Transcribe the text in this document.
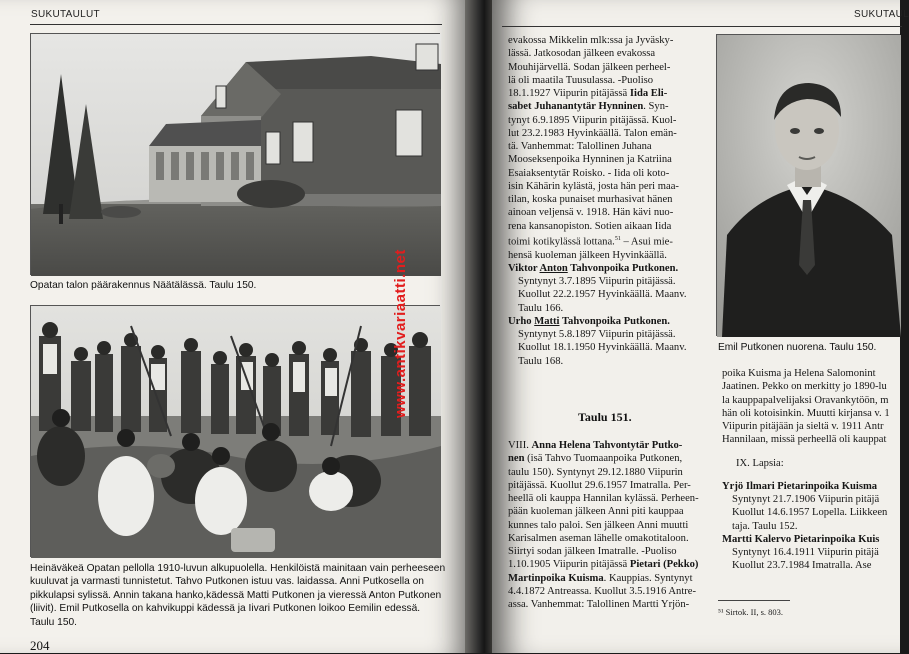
SUKUTAULUT
Opatan talon päärakennus Näätälässä. Taulu 150.
Heinäväkeä Opatan pellolla 1910-luvun alkupuolella. Henkilöistä mainitaan vain perheeseen
kuuluvat ja varmasti tunnistetut. Tahvo Putkonen istuu vas. laidassa. Anni Putkosella on
pikkulapsi sylissä. Annin takana hanko,kädessä Matti Putkonen ja vieressä Anton Putkonen
(liivit). Emil Putkosella on kahvikuppi kädessä ja Iivari Putkonen loikoo Eemilin edessä.
Taulu 150.
204
www.antikvariaatti.net
SUKUTAUL
evakossa Mikkelin mlk:ssa ja Jyväsky-
lässä. Jatkosodan jälkeen evakossa
Mouhijärvellä. Sodan jälkeen perheel-
lä oli maatila Tuusulassa. -Puoliso
18.1.1927 Viipurin pitäjässä Iida Eli-
sabet Juhanantytär Hynninen. Syn-
tynyt 6.9.1895 Viipurin pitäjässä. Kuol-
lut 23.2.1983 Hyvinkäällä. Talon emän-
tä. Vanhemmat: Talollinen Juhana
Mooseksenpoika Hynninen ja Katriina
Esaiaksentytär Roisko. - Iida oli koto-
isin Kähärin kylästä, josta hän peri maa-
tilan, koska punaiset murhasivat hänen
ainoan veljensä v. 1918. Hän kävi nuo-
rena kansanopiston. Sotien aikaan Iida
toimi kotikylässä lottana.$^{51}$ – Asui mie-
hensä kuoleman jälkeen Hyvinkäällä.
Viktor Anton Tahvonpoika Putkonen.
Syntynyt 3.7.1895 Viipurin pitäjässä.
Kuollut 22.2.1957 Hyvinkäällä. Maanv.
Taulu 166.
Urho Matti Tahvonpoika Putkonen.
Syntynyt 5.8.1897 Viipurin pitäjässä.
Kuollut 18.1.1950 Hyvinkäällä. Maanv.
Taulu 168.
Taulu 151.
VIII. Anna Helena Tahvontytär Putko-
nen (isä Tahvo Tuomaanpoika Putkonen,
taulu 150). Syntynyt 29.12.1880 Viipurin
pitäjässä. Kuollut 29.6.1957 Imatralla. Per-
heellä oli kauppa Hannilan kylässä. Perheen-
pään kuoleman jälkeen Anni piti kauppaa
kunnes talo paloi. Sen jälkeen Anni muutti
Karisalmen aseman lähelle omakotitaloon.
Siirtyi sodan jälkeen Imatralle. -Puoliso
1.10.1905 Viipurin pitäjässä Pietari (Pekko)
Martinpoika Kuisma. Kauppias. Syntynyt
4.4.1872 Antreassa. Kuollut 3.5.1916 Antre-
assa. Vanhemmat: Talollinen Martti Yrjön-
Emil Putkonen nuorena. Taulu 150.
poika Kuisma ja Helena Salomonint
Jaatinen. Pekko on merkitty jo 1890-lu
la kauppapalvelijaksi Oravankytöön, m
hän oli kotoisinkin. Muutti kirjansa v. 1
Viipurin pitäjään ja sieltä v. 1911 Antr
Hannilaan, missä perheellä oli kauppat
IX. Lapsia:
Yrjö Ilmari Pietarinpoika Kuisma
Syntynyt 21.7.1906 Viipurin pitäjä
Kuollut 14.6.1957 Lopella. Liikkeen
taja. Taulu 152.
Martti Kalervo Pietarinpoika Kuis
Syntynyt 16.4.1911 Viipurin pitäjä
Kuollut 23.7.1984 Imatralla. Ase
⁵¹ Sirtok. II, s. 803.
